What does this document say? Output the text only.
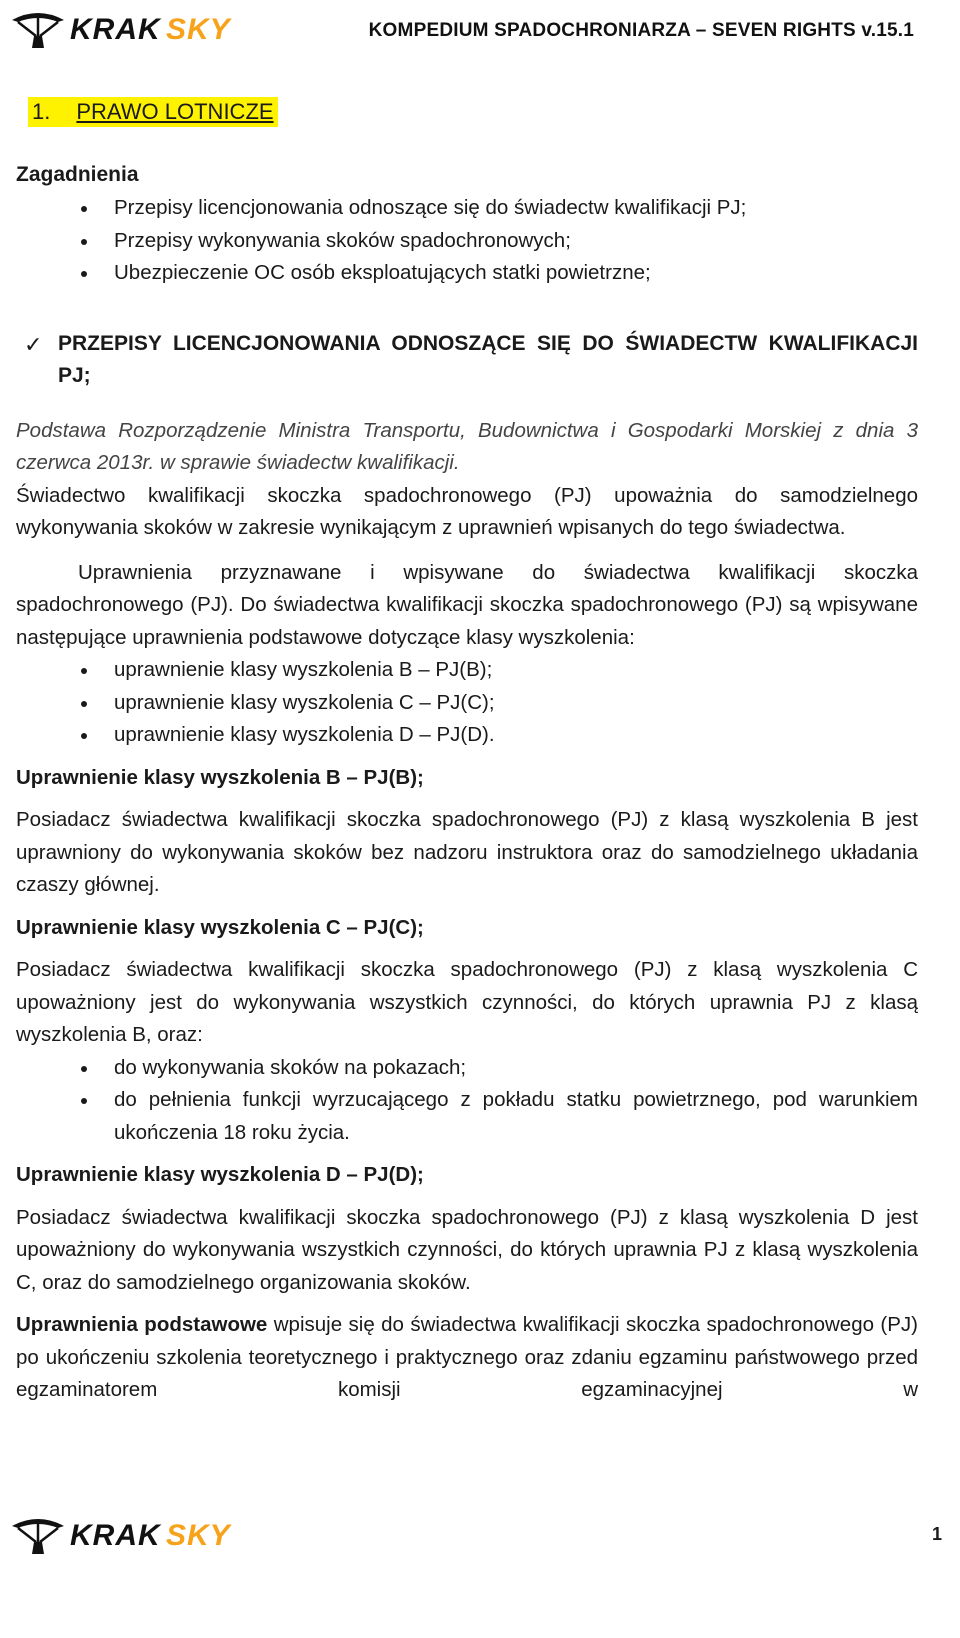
KRAK SKY	KOMPEDIUM SPADOCHRONIARZA – SEVEN RIGHTS v.15.1
1. PRAWO LOTNICZE
Zagadnienia
Przepisy licencjonowania odnoszące się do świadectw kwalifikacji PJ;
Przepisy wykonywania skoków spadochronowych;
Ubezpieczenie OC osób eksploatujących statki powietrzne;
✓ PRZEPISY LICENCJONOWANIA ODNOSZĄCE SIĘ DO ŚWIADECTW KWALIFIKACJI PJ;

Podstawa Rozporządzenie Ministra Transportu, Budownictwa i Gospodarki Morskiej z dnia 3 czerwca 2013r. w sprawie świadectw kwalifikacji.

Świadectwo kwalifikacji skoczka spadochronowego (PJ) upoważnia do samodzielnego wykonywania skoków w zakresie wynikającym z uprawnień wpisanych do tego świadectwa.

Uprawnienia przyznawane i wpisywane do świadectwa kwalifikacji skoczka spadochronowego (PJ). Do świadectwa kwalifikacji skoczka spadochronowego (PJ) są wpisywane następujące uprawnienia podstawowe dotyczące klasy wyszkolenia:

uprawnienie klasy wyszkolenia B – PJ(B);
uprawnienie klasy wyszkolenia C – PJ(C);
uprawnienie klasy wyszkolenia D – PJ(D).
Uprawnienie klasy wyszkolenia B – PJ(B);

Posiadacz świadectwa kwalifikacji skoczka spadochronowego (PJ) z klasą wyszkolenia B jest uprawniony do wykonywania skoków bez nadzoru instruktora oraz do samodzielnego układania czaszy głównej.

Uprawnienie klasy wyszkolenia C – PJ(C);

Posiadacz świadectwa kwalifikacji skoczka spadochronowego (PJ) z klasą wyszkolenia C upoważniony jest do wykonywania wszystkich czynności, do których uprawnia PJ z klasą wyszkolenia B, oraz:

do wykonywania skoków na pokazach;
do pełnienia funkcji wyrzucającego z pokładu statku powietrznego, pod warunkiem ukończenia 18 roku życia.
Uprawnienie klasy wyszkolenia D – PJ(D);

Posiadacz świadectwa kwalifikacji skoczka spadochronowego (PJ) z klasą wyszkolenia D jest upoważniony do wykonywania wszystkich czynności, do których uprawnia PJ z klasą wyszkolenia C, oraz do samodzielnego organizowania skoków.

Uprawnienia podstawowe wpisuje się do świadectwa kwalifikacji skoczka spadochronowego (PJ) po ukończeniu szkolenia teoretycznego i praktycznego oraz zdaniu egzaminu państwowego przed egzaminatorem komisji egzaminacyjnej w

KRAK SKY	1
